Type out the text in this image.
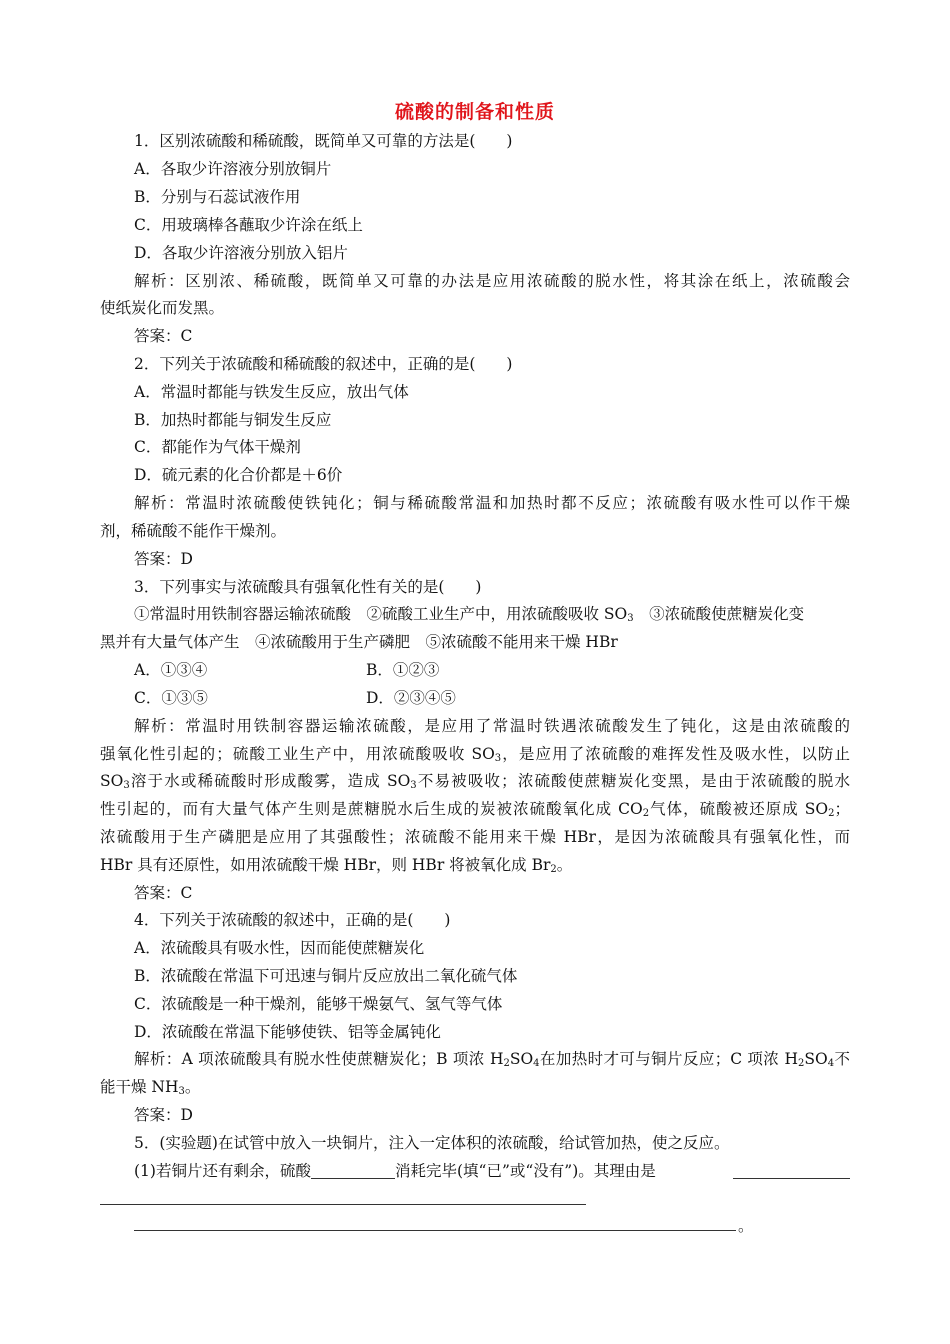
硫酸的制备和性质
1．区别浓硫酸和稀硫酸，既简单又可靠的方法是(　　)
A．各取少许溶液分别放铜片
B．分别与石蕊试液作用
C．用玻璃棒各蘸取少许涂在纸上
D．各取少许溶液分别放入铝片
解析：区别浓、稀硫酸，既简单又可靠的办法是应用浓硫酸的脱水性，将其涂在纸上，浓硫酸会
使纸炭化而发黑。
答案：C
2．下列关于浓硫酸和稀硫酸的叙述中，正确的是(　　)
A．常温时都能与铁发生反应，放出气体
B．加热时都能与铜发生反应
C．都能作为气体干燥剂
D．硫元素的化合价都是＋6价
解析：常温时浓硫酸使铁钝化；铜与稀硫酸常温和加热时都不反应；浓硫酸有吸水性可以作干燥
剂，稀硫酸不能作干燥剂。
答案：D
3．下列事实与浓硫酸具有强氧化性有关的是(　　)
①常温时用铁制容器运输浓硫酸　②硫酸工业生产中，用浓硫酸吸收 $SO_3$　③浓硫酸使蔗糖炭化变
黑并有大量气体产生　④浓硫酸用于生产磷肥　⑤浓硫酸不能用来干燥 HBr
A．①③④	B．①②③
C．①③⑤	D．②③④⑤
解析：常温时用铁制容器运输浓硫酸，是应用了常温时铁遇浓硫酸发生了钝化，这是由浓硫酸的
强氧化性引起的；硫酸工业生产中，用浓硫酸吸收 $SO_3$，是应用了浓硫酸的难挥发性及吸水性，以防止
$SO_3$溶于水或稀硫酸时形成酸雾，造成 $SO_3$不易被吸收；浓硫酸使蔗糖炭化变黑，是由于浓硫酸的脱水
性引起的，而有大量气体产生则是蔗糖脱水后生成的炭被浓硫酸氧化成 $CO_2$气体，硫酸被还原成 $SO_2$；
浓硫酸用于生产磷肥是应用了其强酸性；浓硫酸不能用来干燥 HBr，是因为浓硫酸具有强氧化性，而
HBr 具有还原性，如用浓硫酸干燥 HBr，则 HBr 将被氧化成 $Br_2$。
答案：C
4．下列关于浓硫酸的叙述中，正确的是(　　)
A．浓硫酸具有吸水性，因而能使蔗糖炭化
B．浓硫酸在常温下可迅速与铜片反应放出二氧化硫气体
C．浓硫酸是一种干燥剂，能够干燥氨气、氢气等气体
D．浓硫酸在常温下能够使铁、铝等金属钝化
解析：A 项浓硫酸具有脱水性使蔗糖炭化；B 项浓 $H_2SO_4$在加热时才可与铜片反应；C 项浓 $H_2SO_4$不
能干燥 $NH_3$。
答案：D
5．(实验题)在试管中放入一块铜片，注入一定体积的浓硫酸，给试管加热，使之反应。
(1)若铜片还有剩余，硫酸	消耗完毕(填“已”或“没有”)。其理由是
。
